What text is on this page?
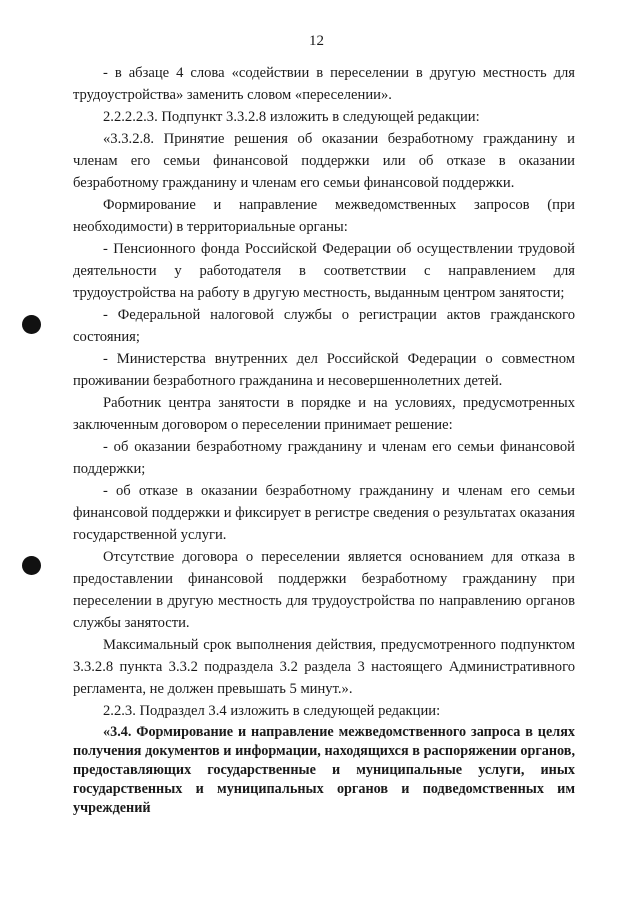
12

- в абзаце 4 слова «содействии в переселении в другую местность для трудоустройства» заменить словом «переселении».

2.2.2.2.3. Подпункт 3.3.2.8 изложить в следующей редакции:

«3.3.2.8. Принятие решения об оказании безработному гражданину и членам его семьи финансовой поддержки или об отказе в оказании безработному гражданину и членам его семьи финансовой поддержки.

Формирование и направление межведомственных запросов (при необходимости) в территориальные органы:

- Пенсионного фонда Российской Федерации об осуществлении трудовой деятельности у работодателя в соответствии с направлением для трудоустройства на работу в другую местность, выданным центром занятости;

- Федеральной налоговой службы о регистрации актов гражданского состояния;

- Министерства внутренних дел Российской Федерации о совместном проживании безработного гражданина и несовершеннолетних детей.

Работник центра занятости в порядке и на условиях, предусмотренных заключенным договором о переселении принимает решение:

- об оказании безработному гражданину и членам его семьи финансовой поддержки;

- об отказе в оказании безработному гражданину и членам его семьи финансовой поддержки и фиксирует в регистре сведения о результатах оказания государственной услуги.

Отсутствие договора о переселении является основанием для отказа в предоставлении финансовой поддержки безработному гражданину при переселении в другую местность для трудоустройства по направлению органов службы занятости.

Максимальный срок выполнения действия, предусмотренного подпунктом 3.3.2.8 пункта 3.3.2 подраздела 3.2 раздела 3 настоящего Административного регламента, не должен превышать 5 минут.».

2.2.3. Подраздел 3.4 изложить в следующей редакции:

«3.4. Формирование и направление межведомственного запроса в целях получения документов и информации, находящихся в распоряжении органов, предоставляющих государственные и муниципальные услуги, иных государственных и муниципальных органов и подведомственных им учреждений
